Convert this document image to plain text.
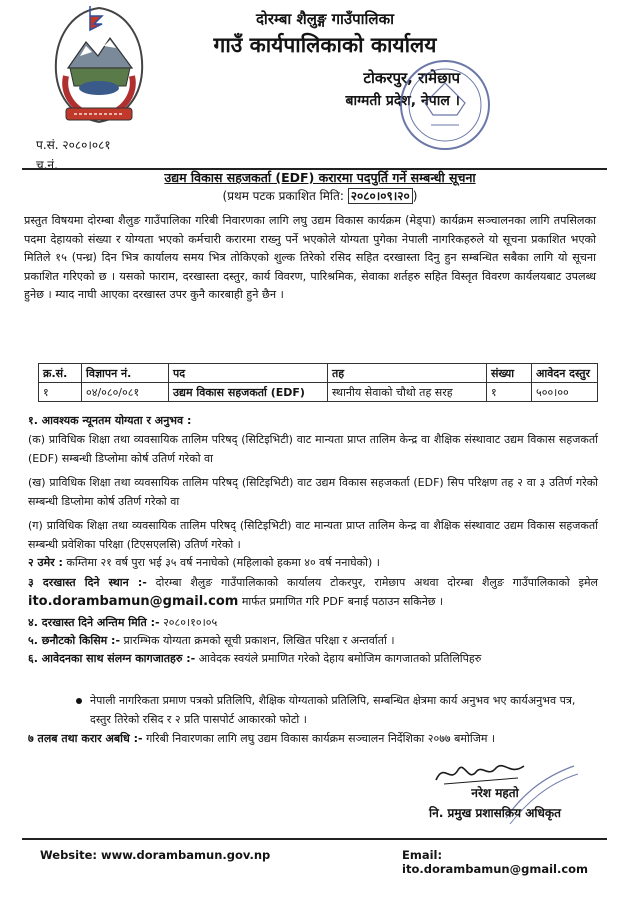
दोरम्बा शैलुङ्ग गाउँपालिका
गाउँ कार्यपालिकाको कार्यालय
टोकरपुर, रामेछाप
बाग्मती प्रदेश, नेपाल ।
प.सं. २०८०।०८१
च.नं.
उद्यम विकास सहजकर्ता (EDF) करारमा पदपुर्ति गर्ने सम्बन्धी सूचना
(प्रथम पटक प्रकाशित मिति: २०८०।०९।२० )
प्रस्तुत विषयमा दोरम्बा शैलुङ गाउँपालिका गरिबी निवारणका लागि लघु उद्यम विकास कार्यक्रम (मेड्पा) कार्यक्रम सञ्चालनका लागि तपसिलका पदमा देहायको संख्या र योग्यता भएको कर्मचारी करारमा राख्नु पर्ने भएकोले योग्यता पुगेका नेपाली नागरिकहरुले यो सूचना प्रकाशित भएको मितिले १५ (पन्ध्र) दिन भित्र कार्यालय समय भित्र तोकिएको शुल्क तिरेको रसिद सहित दरखास्ता दिनु हुन सम्बन्धित सबैका लागि यो सूचना प्रकाशित गरिएको छ । यसको फाराम, दरखास्ता दस्तुर, कार्य विवरण, पारिश्रमिक, सेवाका शर्तहरु सहित विस्तृत विवरण कार्यलयबाट उपलब्ध हुनेछ । म्याद नाघी आएका दरखास्त उपर कुनै कारबाही हुने छैन ।
क्र.सं.	विज्ञापन नं.	पद	तह	संख्या	आवेदन दस्तुर
१	०४/०८०/०८१	उद्यम विकास सहजकर्ता (EDF)	स्थानीय सेवाको चौथो तह सरह	१	५००।००
१. आवश्यक न्यूनतम योग्यता र अनुभव :
(क) प्राविधिक शिक्षा तथा व्यवसायिक तालिम परिषद् (सिटिइभिटी) वाट मान्यता प्राप्त तालिम केन्द्र वा शैक्षिक संस्थावाट उद्यम विकास सहजकर्ता (EDF) सम्बन्धी डिप्लोमा कोर्ष उतिर्ण गरेको वा
(ख) प्राविधिक शिक्षा तथा व्यवसायिक तालिम परिषद् (सिटिइभिटी) वाट उद्यम विकास सहजकर्ता (EDF) सिप परिक्षण तह २ वा ३ उतिर्ण गरेको सम्बन्धी डिप्लोमा कोर्ष उतिर्ण गरेको वा
(ग) प्राविधिक शिक्षा तथा व्यवसायिक तालिम परिषद् (सिटिइभिटी) वाट मान्यता प्राप्त तालिम केन्द्र वा शैक्षिक संस्थावाट उद्यम विकास सहजकर्ता सम्बन्धी प्रवेशिका परिक्षा (टिएसएलसि) उतिर्ण गरेको ।
२ उमेर : कम्तिमा २१ वर्ष पुरा भई ३५ वर्ष ननाघेको (महिलाको हकमा ४० वर्ष ननाघेको) ।
३ दरखास्त दिने स्थान :- दोरम्बा शैलुङ गाउँपालिकाको कार्यालय टोकरपुर, रामेछाप अथवा दोरम्बा शैलुङ गाउँपालिकाको इमेल ito.dorambamun@gmail.com मार्फत प्रमाणित गरि PDF बनाई पठाउन सकिनेछ ।
४. दरखास्त दिने अन्तिम मिति :- २०८०।१०।०५
५. छनौटको किसिम :- प्रारम्भिक योग्यता क्रमको सूची प्रकाशन, लिखित परिक्षा र अन्तर्वार्ता ।
६. आवेदनका साथ संलग्न कागजातहरु :- आवेदक स्वयंले प्रमाणित गरेको देहाय बमोजिम कागजातको प्रतिलिपिहरु
नेपाली नागरिकता प्रमाण पत्रको प्रतिलिपि, शैक्षिक योग्यताको प्रतिलिपि, सम्बन्धित क्षेत्रमा कार्य अनुभव भए कार्यअनुभव पत्र, दस्तुर तिरेको रसिद र २ प्रति पासपोर्ट आकारको फोटो ।
७ तलब तथा करार अबधि :- गरिबी निवारणका लागि लघु उद्यम विकास कार्यक्रम सञ्चालन निर्देशिका २०७७ बमोजिम ।
नरेश महतो
नि. प्रमुख प्रशासकिय अधिकृत
Website: www.dorambamun.gov.np	Email: ito.dorambamun@gmail.com
